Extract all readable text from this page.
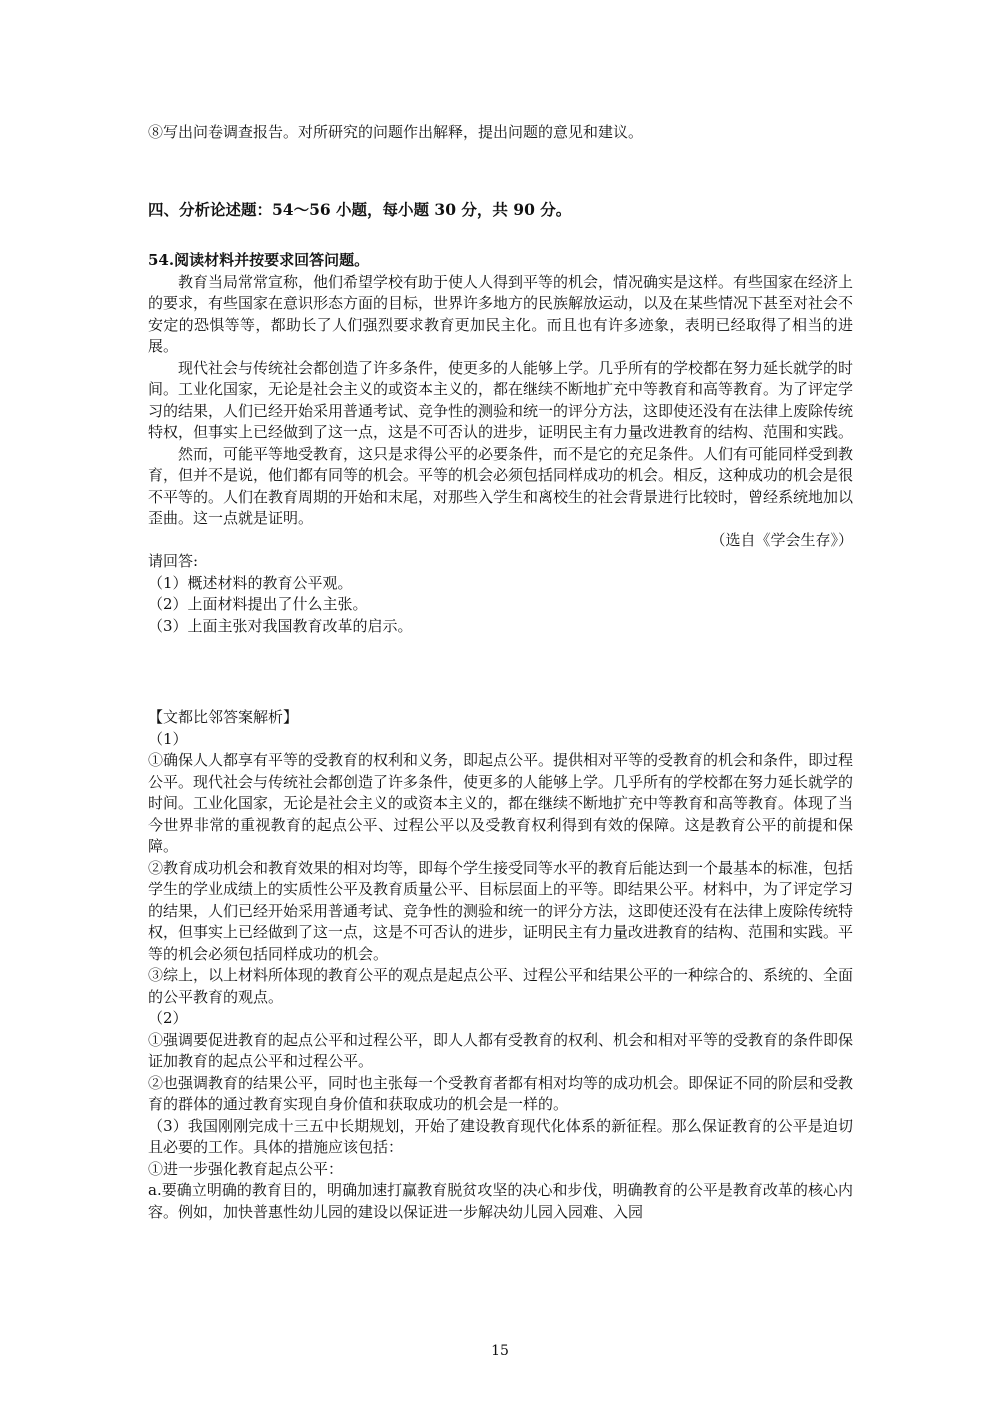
⑧写出问卷调查报告。对所研究的问题作出解释，提出问题的意见和建议。

四、分析论述题：54～56 小题，每小题 30 分，共 90 分。

54.阅读材料并按要求回答问题。

教育当局常常宣称，他们希望学校有助于使人人得到平等的机会，情况确实是这样。有些国家在经济上的要求，有些国家在意识形态方面的目标，世界许多地方的民族解放运动，以及在某些情况下甚至对社会不安定的恐惧等等，都助长了人们强烈要求教育更加民主化。而且也有许多迹象，表明已经取得了相当的进展。

现代社会与传统社会都创造了许多条件，使更多的人能够上学。几乎所有的学校都在努力延长就学的时间。工业化国家，无论是社会主义的或资本主义的，都在继续不断地扩充中等教育和高等教育。为了评定学习的结果，人们已经开始采用普通考试、竞争性的测验和统一的评分方法，这即使还没有在法律上废除传统特权，但事实上已经做到了这一点，这是不可否认的进步，证明民主有力量改进教育的结构、范围和实践。

然而，可能平等地受教育，这只是求得公平的必要条件，而不是它的充足条件。人们有可能同样受到教育，但并不是说，他们都有同等的机会。平等的机会必须包括同样成功的机会。相反，这种成功的机会是很不平等的。人们在教育周期的开始和末尾，对那些入学生和离校生的社会背景进行比较时，曾经系统地加以歪曲。这一点就是证明。

（选自《学会生存》）

请回答:

（1）概述材料的教育公平观。

（2）上面材料提出了什么主张。

（3）上面主张对我国教育改革的启示。

【文都比邻答案解析】

（1）

①确保人人都享有平等的受教育的权利和义务，即起点公平。提供相对平等的受教育的机会和条件，即过程公平。现代社会与传统社会都创造了许多条件，使更多的人能够上学。几乎所有的学校都在努力延长就学的时间。工业化国家，无论是社会主义的或资本主义的，都在继续不断地扩充中等教育和高等教育。体现了当今世界非常的重视教育的起点公平、过程公平以及受教育权利得到有效的保障。这是教育公平的前提和保障。

②教育成功机会和教育效果的相对均等，即每个学生接受同等水平的教育后能达到一个最基本的标准，包括学生的学业成绩上的实质性公平及教育质量公平、目标层面上的平等。即结果公平。材料中，为了评定学习的结果，人们已经开始采用普通考试、竞争性的测验和统一的评分方法，这即使还没有在法律上废除传统特权，但事实上已经做到了这一点，这是不可否认的进步，证明民主有力量改进教育的结构、范围和实践。平等的机会必须包括同样成功的机会。

③综上，以上材料所体现的教育公平的观点是起点公平、过程公平和结果公平的一种综合的、系统的、全面的公平教育的观点。

（2）

①强调要促进教育的起点公平和过程公平，即人人都有受教育的权利、机会和相对平等的受教育的条件即保证加教育的起点公平和过程公平。

②也强调教育的结果公平，同时也主张每一个受教育者都有相对均等的成功机会。即保证不同的阶层和受教育的群体的通过教育实现自身价值和获取成功的机会是一样的。

（3）我国刚刚完成十三五中长期规划，开始了建设教育现代化体系的新征程。那么保证教育的公平是迫切且必要的工作。具体的措施应该包括：

①进一步强化教育起点公平：

a.要确立明确的教育目的，明确加速打赢教育脱贫攻坚的决心和步伐，明确教育的公平是教育改革的核心内容。例如，加快普惠性幼儿园的建设以保证进一步解决幼儿园入园难、入园

15
